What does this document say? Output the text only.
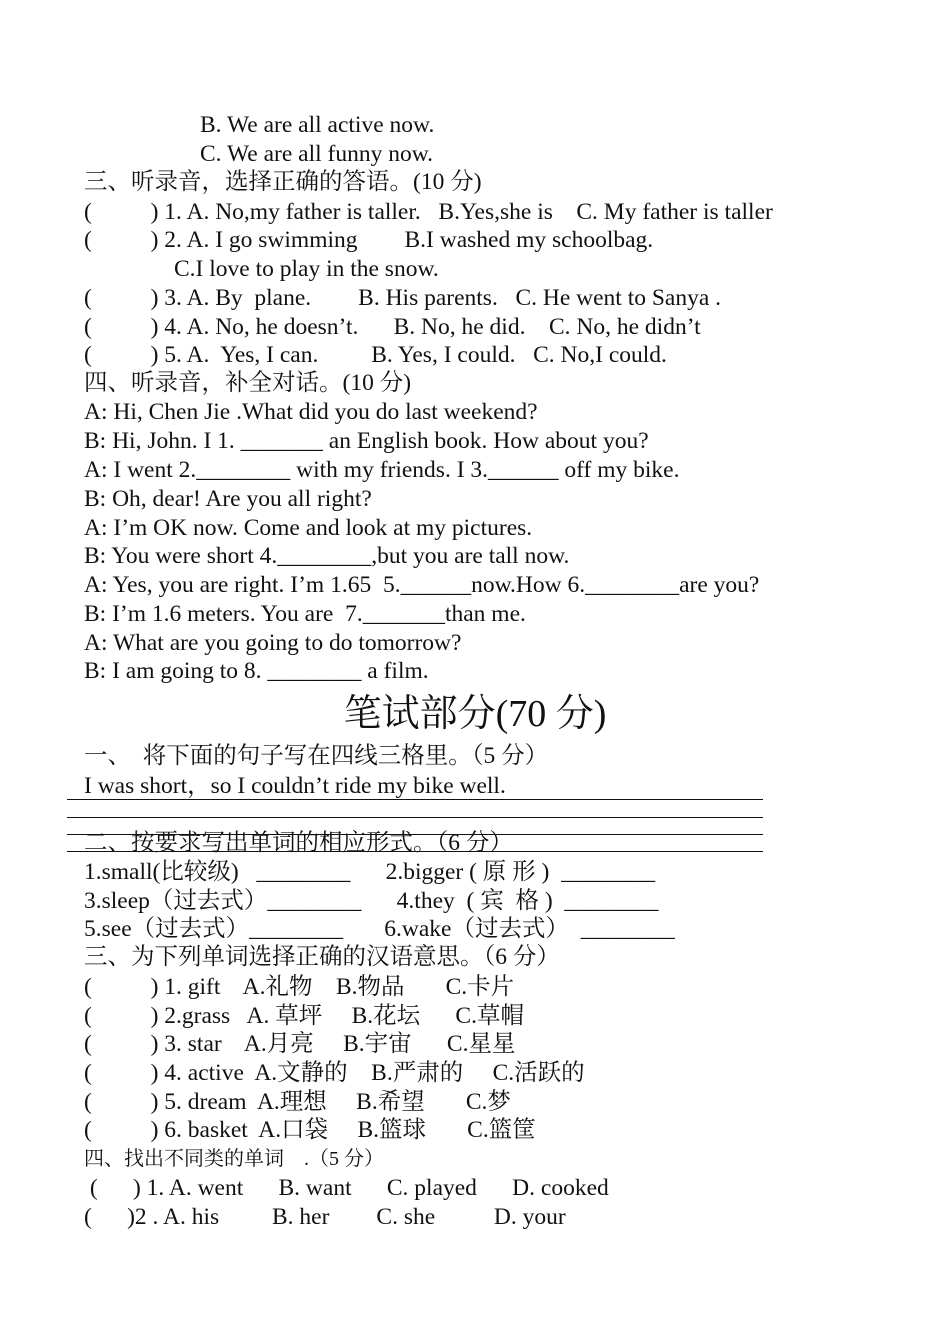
B. We are all active now.
C. We are all funny now.
三、听录音，选择正确的答语。(10 分)
(          ) 1. A. No,my father is taller.   B.Yes,she is    C. My father is taller
(          ) 2. A. I go swimming        B.I washed my schoolbag.
C.I love to play in the snow.
(          ) 3. A. By  plane.        B. His parents.   C. He went to Sanya .
(          ) 4. A. No, he doesn’t.      B. No, he did.    C. No, he didn’t
(          ) 5. A.  Yes, I can.         B. Yes, I could.   C. No,I could.
四、听录音，补全对话。(10 分)
A: Hi, Chen Jie .What did you do last weekend?
B: Hi, John. I 1. _______ an English book. How about you?
A: I went 2.________ with my friends. I 3.______ off my bike.
B: Oh, dear! Are you all right?
A: I’m OK now. Come and look at my pictures.
B: You were short 4.________,but you are tall now.
A: Yes, you are right. I’m 1.65  5.______now.How 6.________are you?
B: I’m 1.6 meters. You are  7._______than me.
A: What are you going to do tomorrow?
B: I am going to 8. ________ a film.
笔试部分(70 分)
一、  将下面的句子写在四线三格里。（5 分）
I was short，so I couldn’t ride my bike well.
二、按要求写出单词的相应形式。（6 分）
1.small(比较级)   ________      2.bigger ( 原 形 )  ________
3.sleep（过去式）________      4.they  ( 宾  格 )  ________
5.see（过去式）________       6.wake（过去式）  ________
三、为下列单词选择正确的汉语意思。（6 分）
(          ) 1. gift    A.礼物    B.物品       C.卡片
(          ) 2.grass   A. 草坪     B.花坛      C.草帽
(          ) 3. star    A.月亮     B.宇宙      C.星星
(          ) 4. active  A.文静的    B.严肃的     C.活跃的
(          ) 5. dream  A.理想     B.希望       C.梦
(          ) 6. basket  A.口袋     B.篮球       C.篮筐
四、找出不同类的单词    .（5 分）
(      ) 1. A. went      B. want      C. played      D. cooked
(      )2 . A. his         B. her        C. she          D. your
